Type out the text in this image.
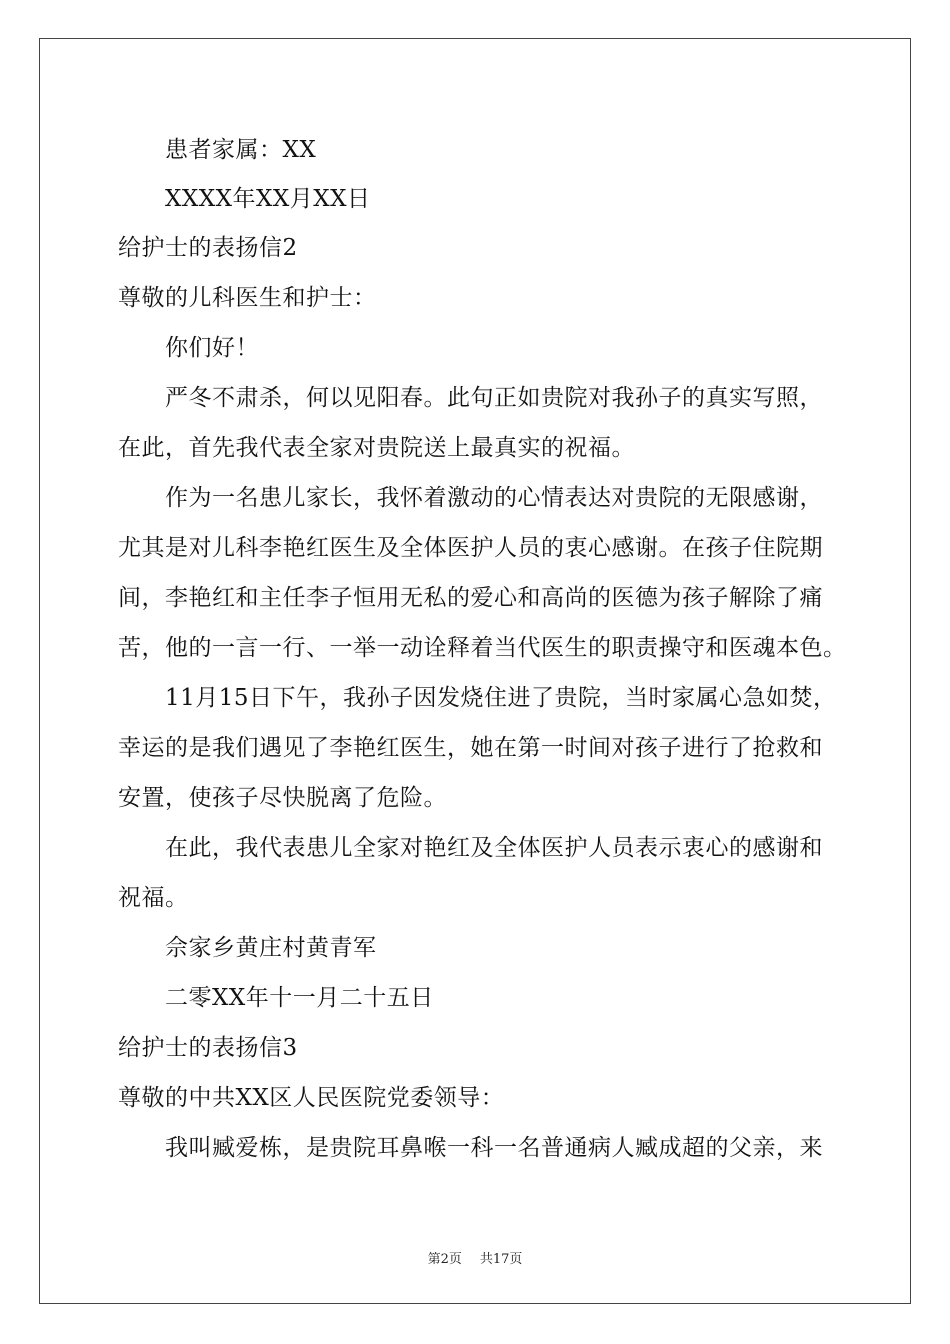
患者家属：XX
XXXX年XX月XX日
给护士的表扬信2
尊敬的儿科医生和护士：
你们好！
严冬不肃杀，何以见阳春。此句正如贵院对我孙子的真实写照，
在此，首先我代表全家对贵院送上最真实的祝福。
作为一名患儿家长，我怀着激动的心情表达对贵院的无限感谢，
尤其是对儿科李艳红医生及全体医护人员的衷心感谢。在孩子住院期
间，李艳红和主任李子恒用无私的爱心和高尚的医德为孩子解除了痛
苦，他的一言一行、一举一动诠释着当代医生的职责操守和医魂本色。
11月15日下午，我孙子因发烧住进了贵院，当时家属心急如焚，
幸运的是我们遇见了李艳红医生，她在第一时间对孩子进行了抢救和
安置，使孩子尽快脱离了危险。
在此，我代表患儿全家对艳红及全体医护人员表示衷心的感谢和
祝福。
佘家乡黄庄村黄青军
二零XX年十一月二十五日
给护士的表扬信3
尊敬的中共XX区人民医院党委领导：
我叫臧爱栋，是贵院耳鼻喉一科一名普通病人臧成超的父亲，来
第2页 共17页
